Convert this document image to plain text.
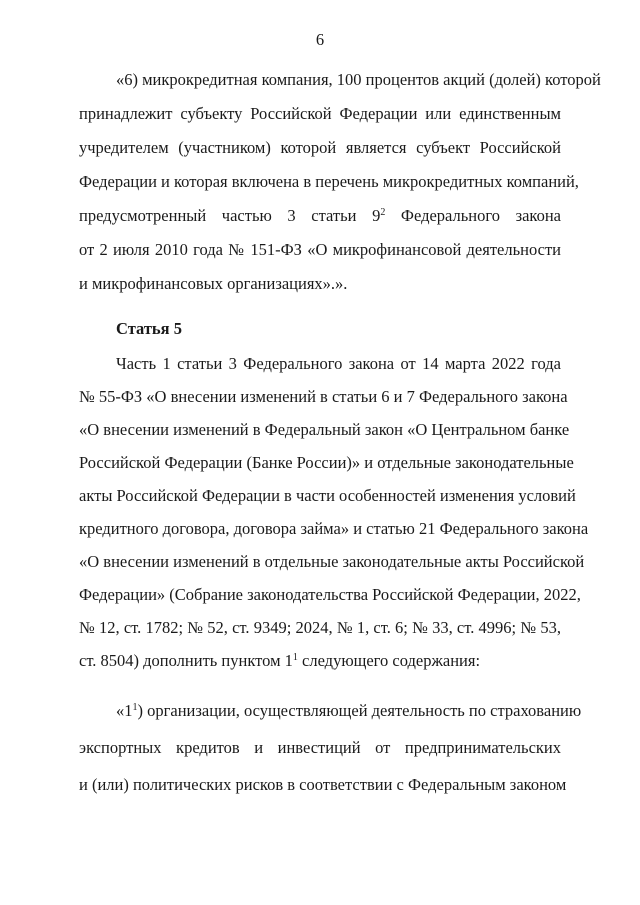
6
«6) микрокредитная компания, 100 процентов акций (долей) которой
принадлежит субъекту Российской Федерации или единственным
учредителем (участником) которой является субъект Российской
Федерации и которая включена в перечень микрокредитных компаний,
предусмотренный частью 3 статьи $9^2$ Федерального закона
от 2 июля 2010 года № 151-ФЗ «О микрофинансовой деятельности
и микрофинансовых организациях».».
Статья 5
Часть 1 статьи 3 Федерального закона от 14 марта 2022 года
№ 55-ФЗ «О внесении изменений в статьи 6 и 7 Федерального закона
«О внесении изменений в Федеральный закон «О Центральном банке
Российской Федерации (Банке России)» и отдельные законодательные
акты Российской Федерации в части особенностей изменения условий
кредитного договора, договора займа» и статью 21 Федерального закона
«О внесении изменений в отдельные законодательные акты Российской
Федерации» (Собрание законодательства Российской Федерации, 2022,
№ 12, ст. 1782; № 52, ст. 9349; 2024, № 1, ст. 6; № 33, ст. 4996; № 53,
ст. 8504) дополнить пунктом $1^1$ следующего содержания:
«$1^1$) организации, осуществляющей деятельность по страхованию
экспортных кредитов и инвестиций от предпринимательских
и (или) политических рисков в соответствии с Федеральным законом
